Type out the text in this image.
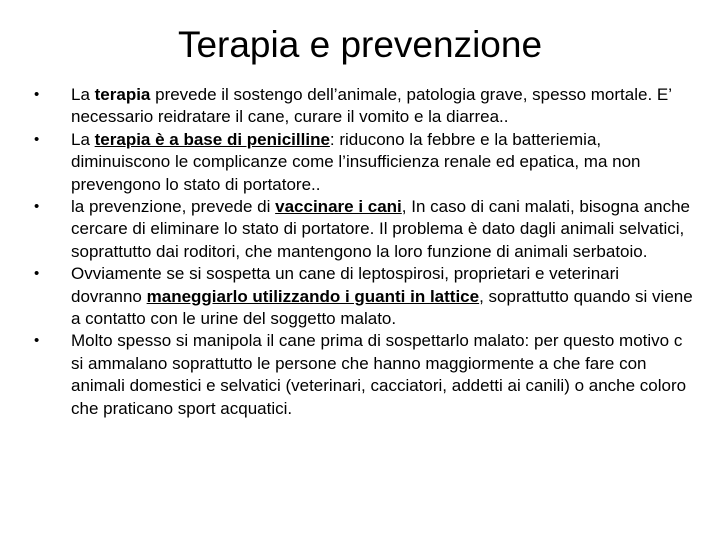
Terapia e prevenzione
•	La terapia prevede il sostengo dell’animale, patologia grave, spesso mortale. E’ necessario reidratare il cane, curare il vomito e la diarrea..
•	La terapia è a base di penicilline: riducono la febbre e la batteriemia, diminuiscono le complicanze come l’insufficienza renale ed epatica, ma non prevengono lo stato di portatore..
•	la prevenzione, prevede di vaccinare i cani, In caso di cani malati, bisogna anche cercare di eliminare lo stato di portatore. Il problema è dato dagli animali selvatici, soprattutto dai roditori, che mantengono la loro funzione di animali serbatoio.
•	Ovviamente se si sospetta un cane di leptospirosi, proprietari e veterinari dovranno maneggiarlo utilizzando i guanti in lattice, soprattutto quando si viene a contatto con le urine del soggetto malato.
•	Molto spesso si manipola il cane prima di sospettarlo malato: per questo motivo c si ammalano soprattutto le persone che hanno maggiormente a che fare con animali domestici e selvatici (veterinari, cacciatori, addetti ai canili) o anche coloro che praticano sport acquatici.
